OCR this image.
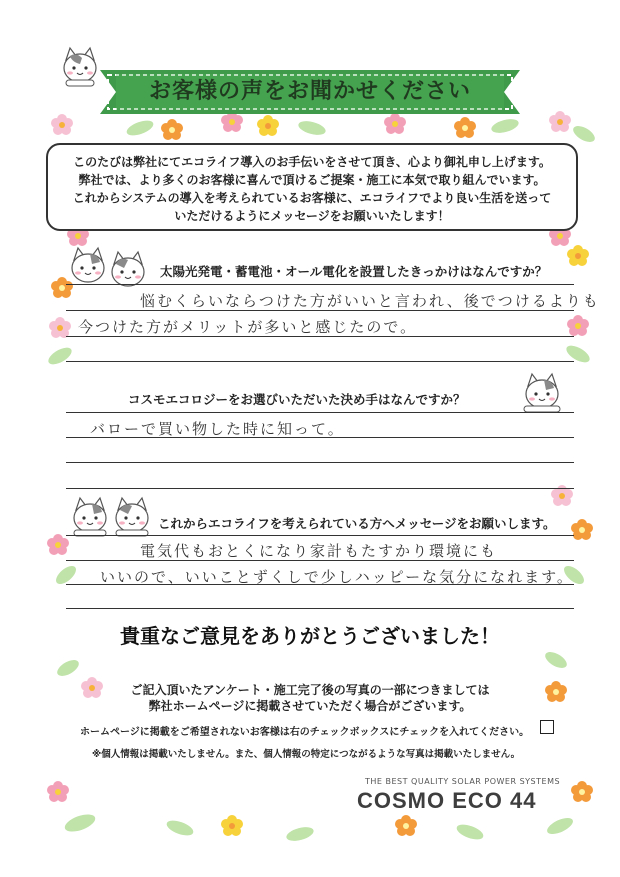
お客様の声をお聞かせください
このたびは弊社にてエコライフ導入のお手伝いをさせて頂き、心より御礼申し上げます。
弊社では、より多くのお客様に喜んで頂けるご提案・施工に本気で取り組んでいます。
これからシステムの導入を考えられているお客様に、エコライフでより良い生活を送って
いただけるようにメッセージをお願いいたします！
太陽光発電・蓄電池・オール電化を設置したきっかけはなんですか？
悩むくらいならつけた方がいいと言われ、後でつけるよりも
今つけた方がメリットが多いと感じたので。
コスモエコロジーをお選びいただいた決め手はなんですか？
バローで買い物した時に知って。
これからエコライフを考えられている方へメッセージをお願いします。
電気代もおとくになり家計もたすかり環境にも
いいので、いいことずくしで少しハッピーな気分になれます。
貴重なご意見をありがとうございました！
ご記入頂いたアンケート・施工完了後の写真の一部につきましては
弊社ホームページに掲載させていただく場合がございます。
ホームページに掲載をご希望されないお客様は右のチェックボックスにチェックを入れてください。
※個人情報は掲載いたしません。また、個人情報の特定につながるような写真は掲載いたしません。
THE BEST QUALITY SOLAR POWER SYSTEMS
COSMO ECO 44
